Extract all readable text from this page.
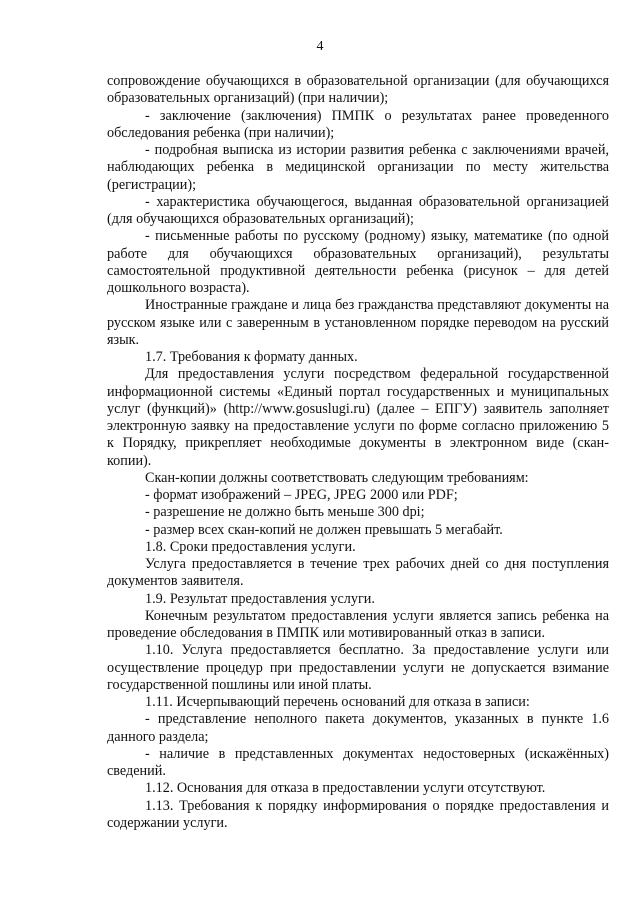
4

сопровождение обучающихся в образовательной организации (для обучающихся образовательных организаций) (при наличии);

- заключение (заключения) ПМПК о результатах ранее проведенного обследования ребенка (при наличии);

- подробная выписка из истории развития ребенка с заключениями врачей, наблюдающих ребенка в медицинской организации по месту жительства (регистрации);

- характеристика обучающегося, выданная образовательной организацией (для обучающихся образовательных организаций);

- письменные работы по русскому (родному) языку, математике (по одной работе для обучающихся образовательных организаций), результаты самостоятельной продуктивной деятельности ребенка (рисунок – для детей дошкольного возраста).

Иностранные граждане и лица без гражданства представляют документы на русском языке или с заверенным в установленном порядке переводом на русский язык.

1.7. Требования к формату данных.

Для предоставления услуги посредством федеральной государственной информационной системы «Единый портал государственных и муниципальных услуг (функций)» (http://www.gosuslugi.ru) (далее – ЕПГУ) заявитель заполняет электронную заявку на предоставление услуги по форме согласно приложению 5 к Порядку, прикрепляет необходимые документы в электронном виде (скан-копии).

Скан-копии должны соответствовать следующим требованиям:

- формат изображений – JPEG, JPEG 2000 или PDF;

- разрешение не должно быть меньше 300 dpi;

- размер всех скан-копий не должен превышать 5 мегабайт.

1.8. Сроки предоставления услуги.

Услуга предоставляется в течение трех рабочих дней со дня поступления документов заявителя.

1.9. Результат предоставления услуги.

Конечным результатом предоставления услуги является запись ребенка на проведение обследования в ПМПК или мотивированный отказ в записи.

1.10. Услуга предоставляется бесплатно. За предоставление услуги или осуществление процедур при предоставлении услуги не допускается взимание государственной пошлины или иной платы.

1.11. Исчерпывающий перечень оснований для отказа в записи:

- представление неполного пакета документов, указанных в пункте 1.6 данного раздела;

- наличие в представленных документах недостоверных (искажённых) сведений.

1.12. Основания для отказа в предоставлении услуги отсутствуют.

1.13. Требования к порядку информирования о порядке предоставления и содержании услуги.
